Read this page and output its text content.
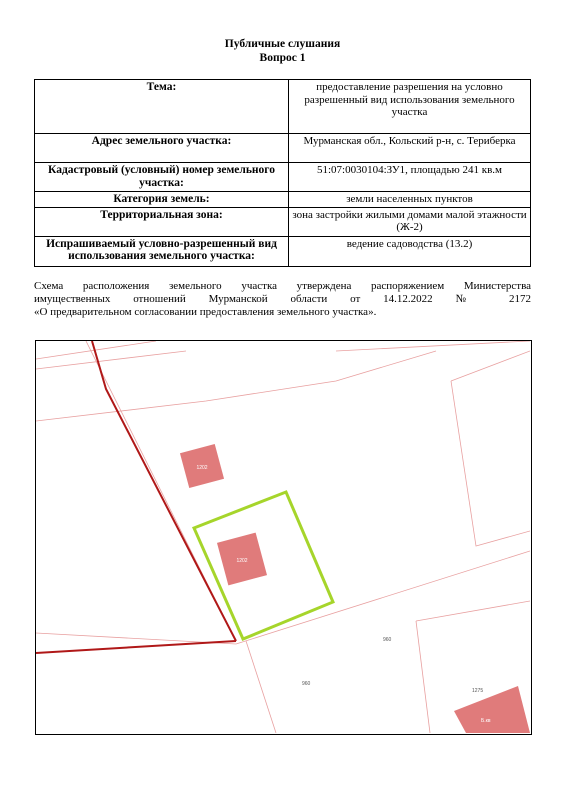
Публичные слушания
Вопрос 1
Тема:	предоставление разрешения на условно разрешенный вид использования земельного участка
Адрес земельного участка:	Мурманская обл., Кольский р-н, с. Териберка
Кадастровый (условный) номер земельного участка:	51:07:0030104:ЗУ1, площадью 241 кв.м
Категория земель:	земли населенных пунктов
Территориальная зона:	зона застройки жилыми домами малой этажности (Ж-2)
Испрашиваемый условно-разрешенный вид использования земельного участка:	ведение садоводства (13.2)
Схема расположения земельного участка утверждена распоряжением Министерства
имущественных отношений Мурманской области от 14.12.2022 № 2172
«О предварительном согласовании предоставления земельного участка».
1202
1202
960
960
1275
Б.кв
